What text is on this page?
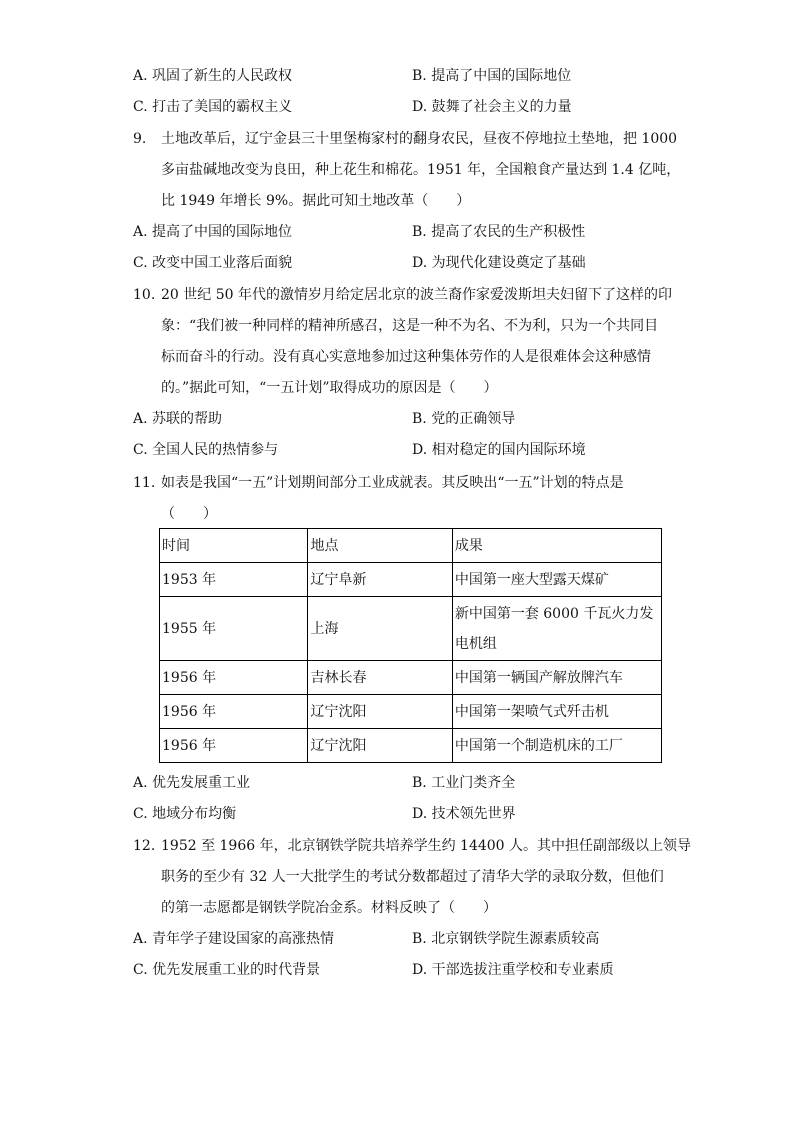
A. 巩固了新生的人民政权	B. 提高了中国的国际地位
C. 打击了美国的霸权主义	D. 鼓舞了社会主义的力量
9. 土地改革后，辽宁金县三十里堡梅家村的翻身农民，昼夜不停地拉土垫地，把 1000
多亩盐碱地改变为良田，种上花生和棉花。1951 年，全国粮食产量达到 1.4 亿吨，
比 1949 年增长 9%。据此可知土地改革（　　）
A. 提高了中国的国际地位	B. 提高了农民的生产积极性
C. 改变中国工业落后面貌	D. 为现代化建设奠定了基础
10. 20 世纪 50 年代的激情岁月给定居北京的波兰裔作家爱泼斯坦夫妇留下了这样的印
象：“我们被一种同样的精神所感召，这是一种不为名、不为利，只为一个共同目
标而奋斗的行动。没有真心实意地参加过这种集体劳作的人是很难体会这种感情
的。”据此可知，“一五计划”取得成功的原因是（　　）
A. 苏联的帮助	B. 党的正确领导
C. 全国人民的热情参与	D. 相对稳定的国内国际环境
11. 如表是我国“一五”计划期间部分工业成就表。其反映出“一五”计划的特点是
（　　）
时间	地点	成果
1953 年	辽宁阜新	中国第一座大型露天煤矿
1955 年	上海	新中国第一套 6000 千瓦火力发电机组
1956 年	吉林长春	中国第一辆国产解放牌汽车
1956 年	辽宁沈阳	中国第一架喷气式歼击机
1956 年	辽宁沈阳	中国第一个制造机床的工厂
A. 优先发展重工业	B. 工业门类齐全
C. 地域分布均衡	D. 技术领先世界
12. 1952 至 1966 年，北京钢铁学院共培养学生约 14400 人。其中担任副部级以上领导
职务的至少有 32 人一大批学生的考试分数都超过了清华大学的录取分数，但他们
的第一志愿都是钢铁学院冶金系。材料反映了（　　）
A. 青年学子建设国家的高涨热情	B. 北京钢铁学院生源素质较高
C. 优先发展重工业的时代背景	D. 干部选拔注重学校和专业素质
